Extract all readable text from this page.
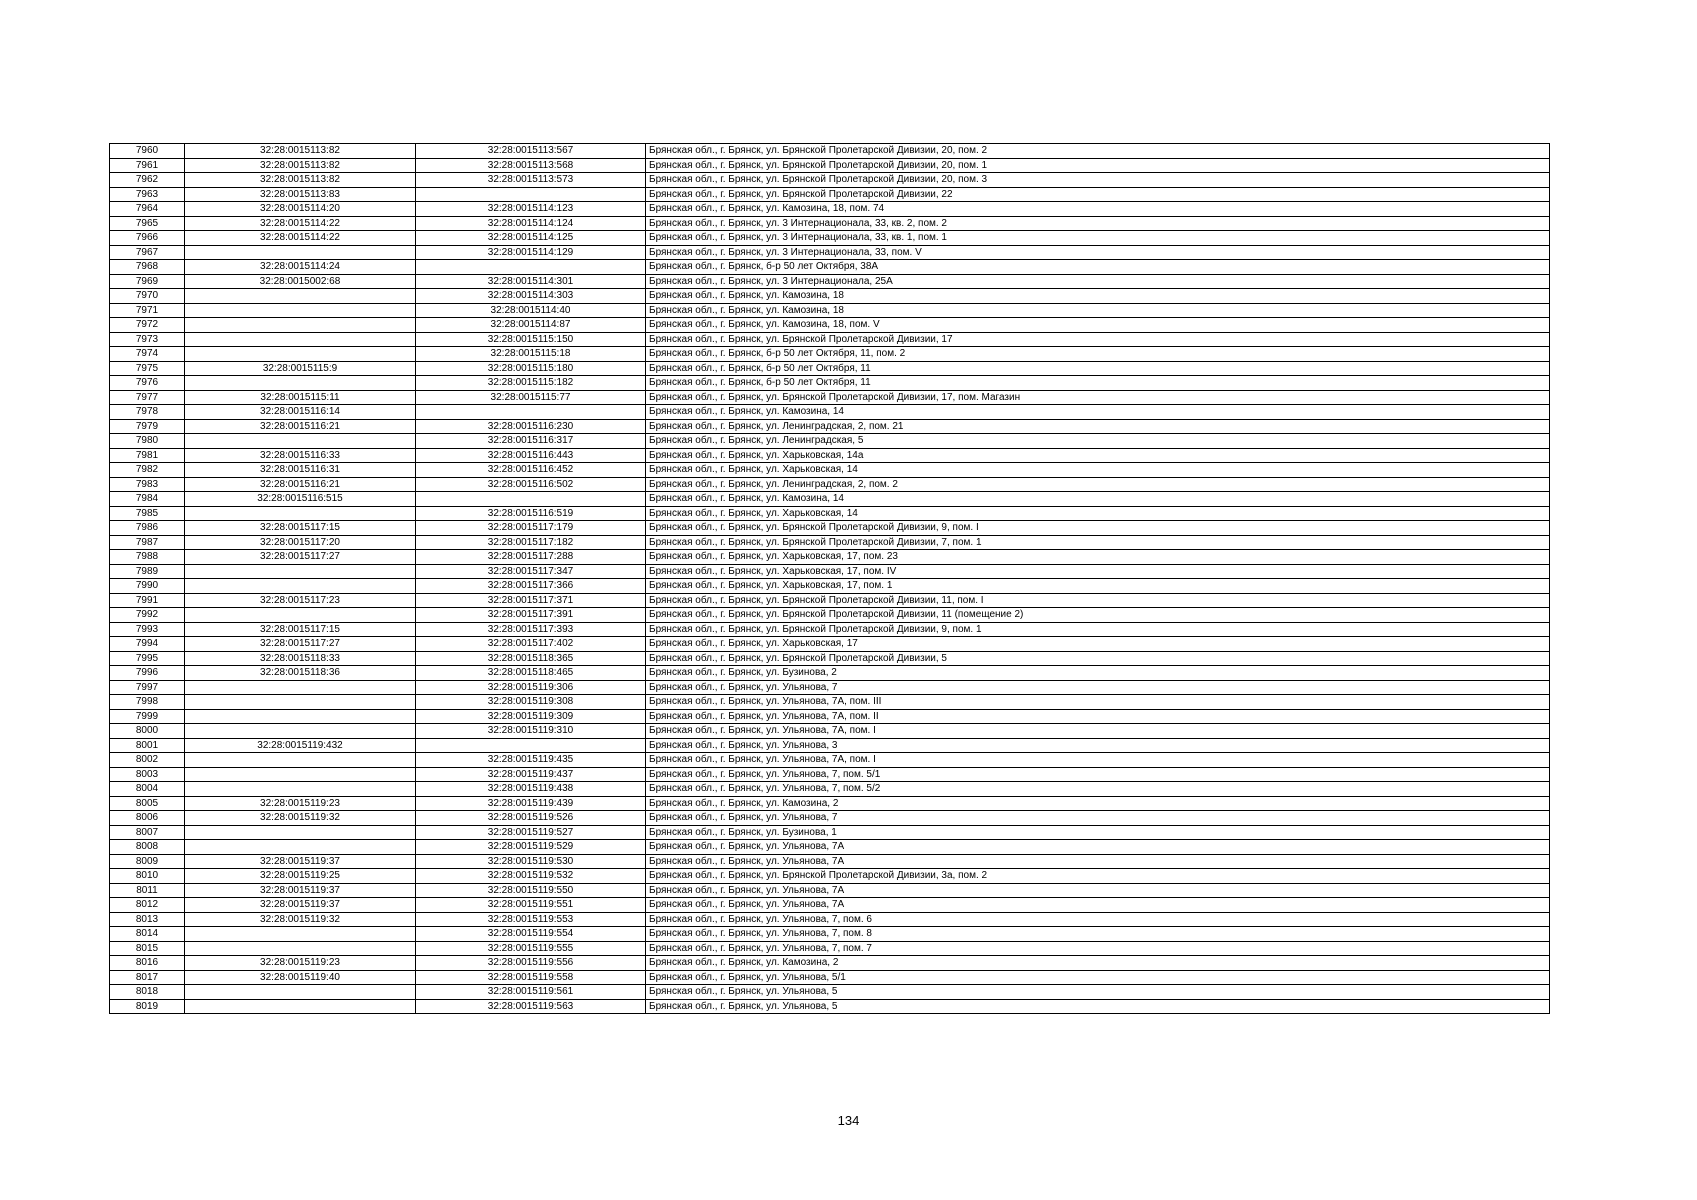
7960	32:28:0015113:82	32:28:0015113:567	Брянская обл., г. Брянск, ул. Брянской Пролетарской Дивизии, 20, пом. 2
7961	32:28:0015113:82	32:28:0015113:568	Брянская обл., г. Брянск, ул. Брянской Пролетарской Дивизии, 20, пом. 1
7962	32:28:0015113:82	32:28:0015113:573	Брянская обл., г. Брянск, ул. Брянской Пролетарской Дивизии, 20, пом. 3
7963	32:28:0015113:83		Брянская обл., г. Брянск, ул. Брянской Пролетарской Дивизии, 22
7964	32:28:0015114:20	32:28:0015114:123	Брянская обл., г. Брянск, ул. Камозина, 18, пом. 74
7965	32:28:0015114:22	32:28:0015114:124	Брянская обл., г. Брянск, ул. 3 Интернационала, 33, кв. 2, пом. 2
7966	32:28:0015114:22	32:28:0015114:125	Брянская обл., г. Брянск, ул. 3 Интернационала, 33, кв. 1, пом. 1
7967		32:28:0015114:129	Брянская обл., г. Брянск, ул. 3 Интернационала, 33, пом. V
7968	32:28:0015114:24		Брянская обл., г. Брянск, б-р 50 лет Октября, 38А
7969	32:28:0015002:68	32:28:0015114:301	Брянская обл., г. Брянск, ул. 3 Интернационала, 25А
7970		32:28:0015114:303	Брянская обл., г. Брянск, ул. Камозина, 18
7971		32:28:0015114:40	Брянская обл., г. Брянск, ул. Камозина, 18
7972		32:28:0015114:87	Брянская обл., г. Брянск, ул. Камозина, 18, пом. V
7973		32:28:0015115:150	Брянская обл., г. Брянск, ул. Брянской Пролетарской Дивизии, 17
7974		32:28:0015115:18	Брянская обл., г. Брянск, б-р 50 лет Октября, 11, пом. 2
7975	32:28:0015115:9	32:28:0015115:180	Брянская обл., г. Брянск, б-р 50 лет Октября, 11
7976		32:28:0015115:182	Брянская обл., г. Брянск, б-р 50 лет Октября, 11
7977	32:28:0015115:11	32:28:0015115:77	Брянская обл., г. Брянск, ул. Брянской Пролетарской Дивизии, 17, пом. Магазин
7978	32:28:0015116:14		Брянская обл., г. Брянск, ул. Камозина, 14
7979	32:28:0015116:21	32:28:0015116:230	Брянская обл., г. Брянск, ул. Ленинградская, 2, пом. 21
7980		32:28:0015116:317	Брянская обл., г. Брянск, ул. Ленинградская, 5
7981	32:28:0015116:33	32:28:0015116:443	Брянская обл., г. Брянск, ул. Харьковская, 14а
7982	32:28:0015116:31	32:28:0015116:452	Брянская обл., г. Брянск, ул. Харьковская, 14
7983	32:28:0015116:21	32:28:0015116:502	Брянская обл., г. Брянск, ул. Ленинградская, 2, пом. 2
7984	32:28:0015116:515		Брянская обл., г. Брянск, ул. Камозина, 14
7985		32:28:0015116:519	Брянская обл., г. Брянск, ул. Харьковская, 14
7986	32:28:0015117:15	32:28:0015117:179	Брянская обл., г. Брянск, ул. Брянской Пролетарской Дивизии, 9, пом. I
7987	32:28:0015117:20	32:28:0015117:182	Брянская обл., г. Брянск, ул. Брянской Пролетарской Дивизии, 7, пом. 1
7988	32:28:0015117:27	32:28:0015117:288	Брянская обл., г. Брянск, ул. Харьковская, 17, пом. 23
7989		32:28:0015117:347	Брянская обл., г. Брянск, ул. Харьковская, 17, пом. IV
7990		32:28:0015117:366	Брянская обл., г. Брянск, ул. Харьковская, 17, пом. 1
7991	32:28:0015117:23	32:28:0015117:371	Брянская обл., г. Брянск, ул. Брянской Пролетарской Дивизии, 11, пом. I
7992		32:28:0015117:391	Брянская обл., г. Брянск, ул. Брянской Пролетарской Дивизии, 11 (помещение 2)
7993	32:28:0015117:15	32:28:0015117:393	Брянская обл., г. Брянск, ул. Брянской Пролетарской Дивизии, 9, пом. 1
7994	32:28:0015117:27	32:28:0015117:402	Брянская обл., г. Брянск, ул. Харьковская, 17
7995	32:28:0015118:33	32:28:0015118:365	Брянская обл., г. Брянск, ул. Брянской Пролетарской Дивизии, 5
7996	32:28:0015118:36	32:28:0015118:465	Брянская обл., г. Брянск, ул. Бузинова, 2
7997		32:28:0015119:306	Брянская обл., г. Брянск, ул. Ульянова, 7
7998		32:28:0015119:308	Брянская обл., г. Брянск, ул. Ульянова, 7А, пом. III
7999		32:28:0015119:309	Брянская обл., г. Брянск, ул. Ульянова, 7А, пом. II
8000		32:28:0015119:310	Брянская обл., г. Брянск, ул. Ульянова, 7А, пом. I
8001	32:28:0015119:432		Брянская обл., г. Брянск, ул. Ульянова, 3
8002		32:28:0015119:435	Брянская обл., г. Брянск, ул. Ульянова, 7А, пом. I
8003		32:28:0015119:437	Брянская обл., г. Брянск, ул. Ульянова, 7, пом. 5/1
8004		32:28:0015119:438	Брянская обл., г. Брянск, ул. Ульянова, 7, пом. 5/2
8005	32:28:0015119:23	32:28:0015119:439	Брянская обл., г. Брянск, ул. Камозина, 2
8006	32:28:0015119:32	32:28:0015119:526	Брянская обл., г. Брянск, ул. Ульянова, 7
8007		32:28:0015119:527	Брянская обл., г. Брянск, ул. Бузинова, 1
8008		32:28:0015119:529	Брянская обл., г. Брянск, ул. Ульянова, 7А
8009	32:28:0015119:37	32:28:0015119:530	Брянская обл., г. Брянск, ул. Ульянова, 7А
8010	32:28:0015119:25	32:28:0015119:532	Брянская обл., г. Брянск, ул. Брянской Пролетарской Дивизии, 3а, пом. 2
8011	32:28:0015119:37	32:28:0015119:550	Брянская обл., г. Брянск, ул. Ульянова, 7А
8012	32:28:0015119:37	32:28:0015119:551	Брянская обл., г. Брянск, ул. Ульянова, 7А
8013	32:28:0015119:32	32:28:0015119:553	Брянская обл., г. Брянск, ул. Ульянова, 7, пом. 6
8014		32:28:0015119:554	Брянская обл., г. Брянск, ул. Ульянова, 7, пом. 8
8015		32:28:0015119:555	Брянская обл., г. Брянск, ул. Ульянова, 7, пом. 7
8016	32:28:0015119:23	32:28:0015119:556	Брянская обл., г. Брянск, ул. Камозина, 2
8017	32:28:0015119:40	32:28:0015119:558	Брянская обл., г. Брянск, ул. Ульянова, 5/1
8018		32:28:0015119:561	Брянская обл., г. Брянск, ул. Ульянова, 5
8019		32:28:0015119:563	Брянская обл., г. Брянск, ул. Ульянова, 5
134
